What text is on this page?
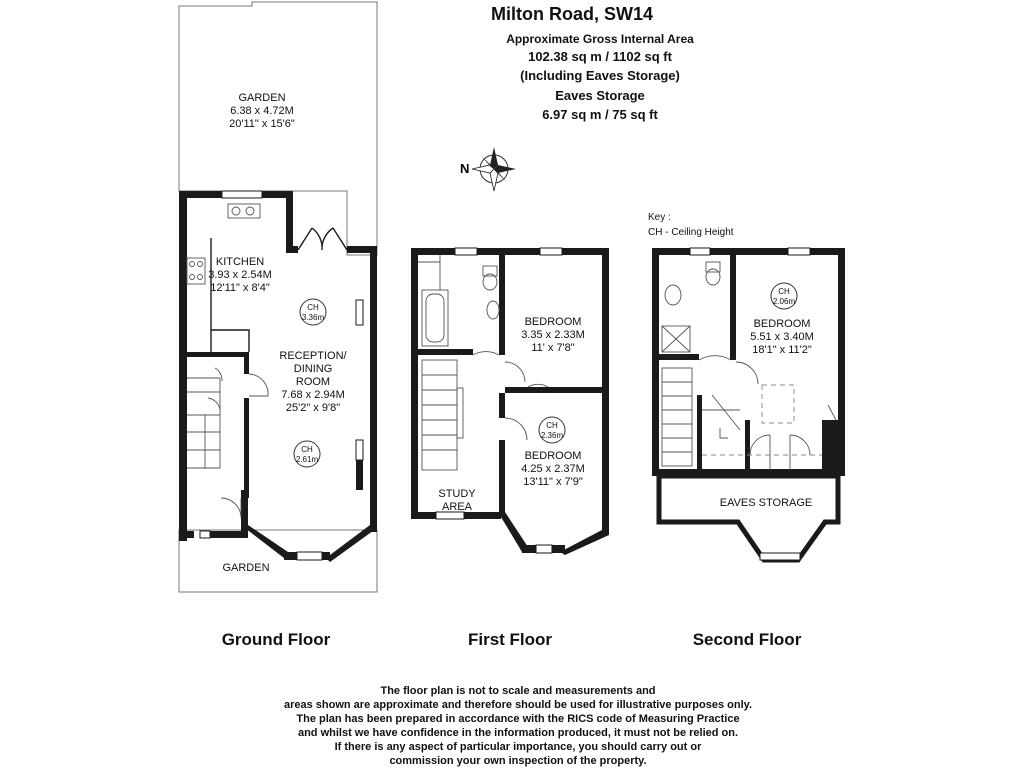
Milton Road, SW14
Approximate Gross Internal Area
102.38 sq m / 1102 sq ft
(Including Eaves Storage)
Eaves Storage
6.97 sq m / 75 sq ft
N
Key :
CH - Ceiling Height
GARDEN
6.38 x 4.72M
20'11" x 15'6"
KITCHEN
3.93 x 2.54M
12'11" x 8'4"
CH
3.36m
RECEPTION/
DINING
ROOM
7.68 x 2.94M
25'2" x 9'8"
CH
2.61m
GARDEN
BEDROOM
3.35 x 2.33M
11' x 7'8"
CH
2.36m
BEDROOM
4.25 x 2.37M
13'11" x 7'9"
STUDY
AREA
CH
2.06m
BEDROOM
5.51 x 3.40M
18'1" x 11'2"
EAVES STORAGE
Ground Floor	First Floor	Second Floor
The floor plan is not to scale and measurements and
areas shown are approximate and therefore should be used for illustrative purposes only.
The plan has been prepared in accordance with the RICS code of Measuring Practice
and whilst we have confidence in the information produced, it must not be relied on.
If there is any aspect of particular importance, you should carry out or
commission your own inspection of the property.
